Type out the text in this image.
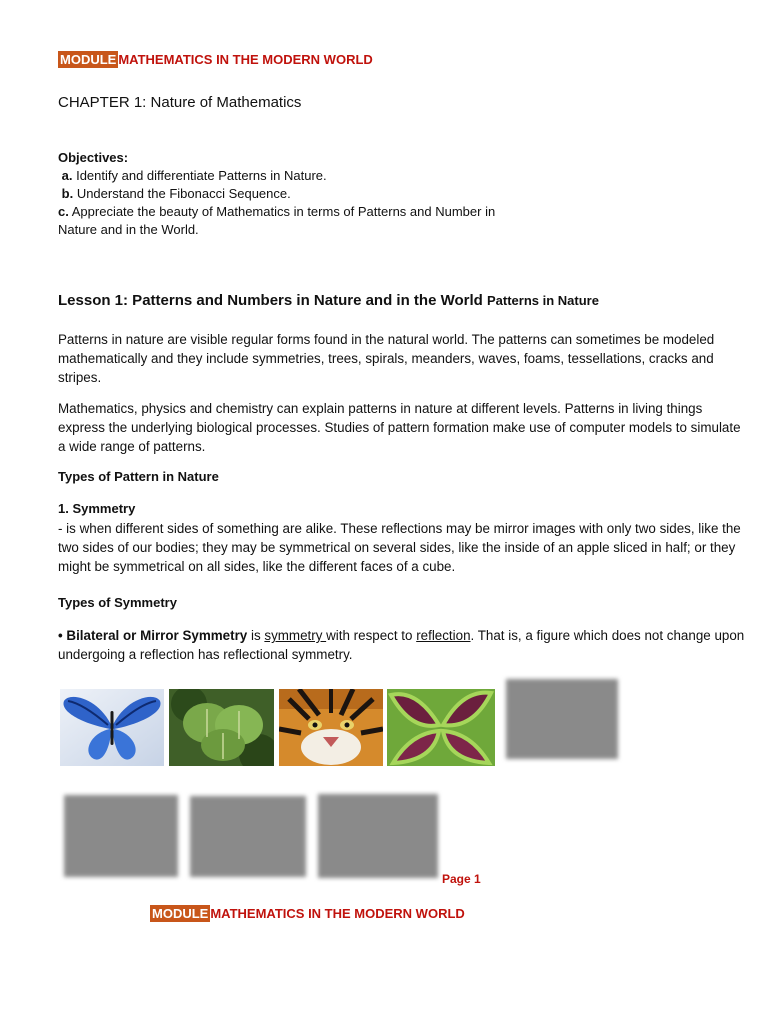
MODULE MATHEMATICS IN THE MODERN WORLD
CHAPTER 1: Nature of Mathematics
Objectives:
a. Identify and differentiate Patterns in Nature.
b. Understand the Fibonacci Sequence.
c. Appreciate the beauty of Mathematics in terms of Patterns and Number in Nature and in the World.
Lesson 1: Patterns and Numbers in Nature and in the World Patterns in Nature
Patterns in nature are visible regular forms found in the natural world. The patterns can sometimes be modeled mathematically and they include symmetries, trees, spirals, meanders, waves, foams, tessellations, cracks and stripes.
Mathematics, physics and chemistry can explain patterns in nature at different levels. Patterns in living things express the underlying biological processes. Studies of pattern formation make use of computer models to simulate a wide range of patterns.
Types of Pattern in Nature
1. Symmetry
- is when different sides of something are alike. These reflections may be mirror images with only two sides, like the two sides of our bodies; they may be symmetrical on several sides, like the inside of an apple sliced in half; or they might be symmetrical on all sides, like the different faces of a cube.
Types of Symmetry
• Bilateral or Mirror Symmetry is symmetry with respect to reflection. That is, a figure which does not change upon undergoing a reflection has reflectional symmetry.
Page 1
MODULE MATHEMATICS IN THE MODERN WORLD
